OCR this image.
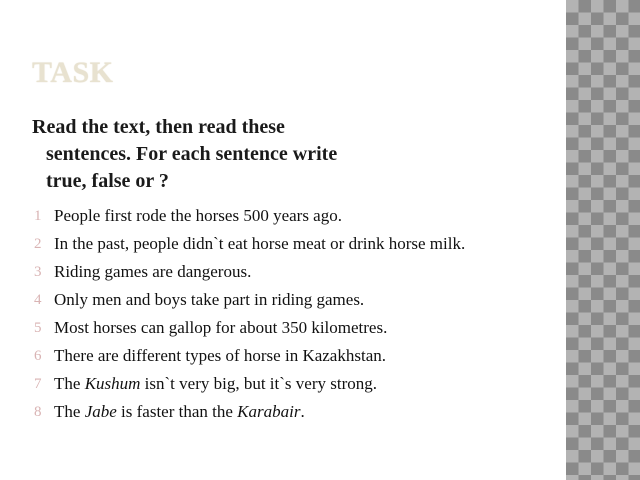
TASK
Read the text, then read these
sentences. For each sentence write
true, false or ?
1 People first rode the horses 500 years ago.
2 In the past, people didn`t eat horse meat or drink horse milk.
3 Riding games are dangerous.
4 Only men and boys take part in riding games.
5 Most horses can gallop for about 350 kilometres.
6 There are different types of horse in Kazakhstan.
7 The Kushum isn`t very big, but it`s very strong.
8 The Jabe is faster than the Karabair.
